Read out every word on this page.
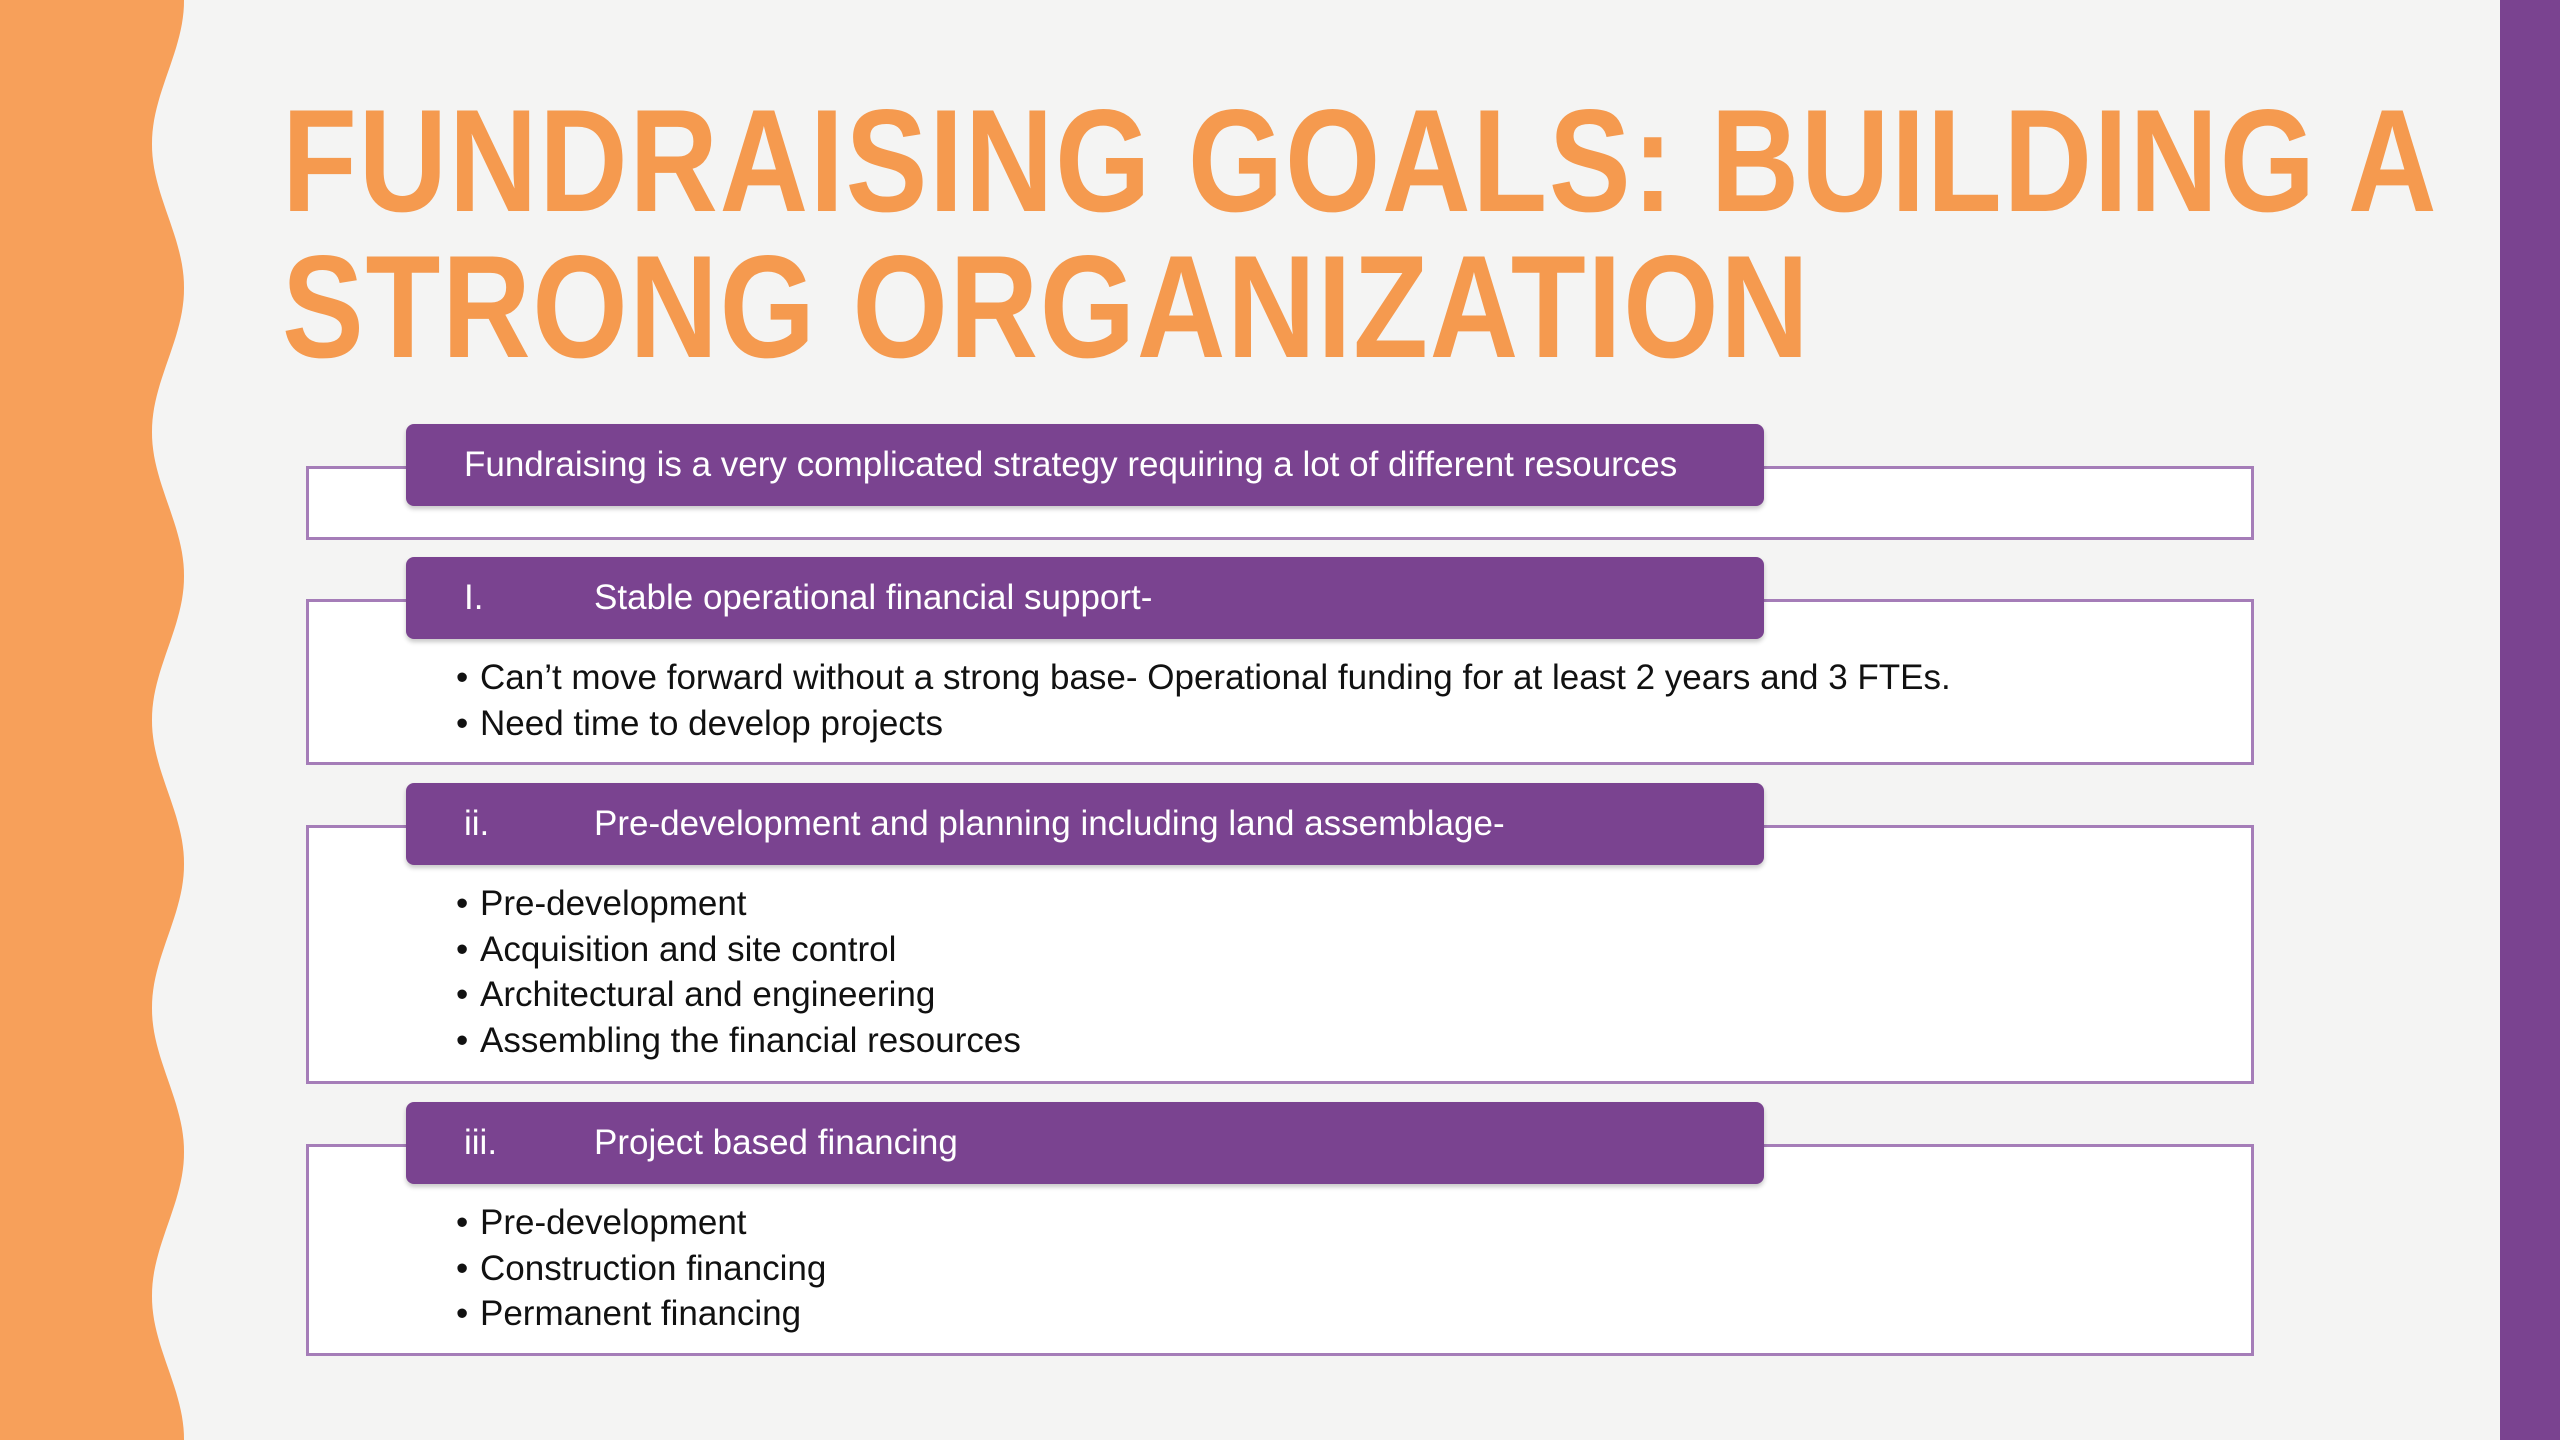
FUNDRAISING GOALS: BUILDING A
STRONG ORGANIZATION
Fundraising is a very complicated strategy requiring a lot of different resources
I.	Stable operational financial support-
• Can’t move forward without a strong base- Operational funding for at least 2 years and 3 FTEs.
• Need time to develop projects
ii.	Pre-development and planning including land assemblage-
• Pre-development
• Acquisition and site control
• Architectural and engineering
• Assembling the financial resources
iii.	Project based financing
• Pre-development
• Construction financing
• Permanent financing
